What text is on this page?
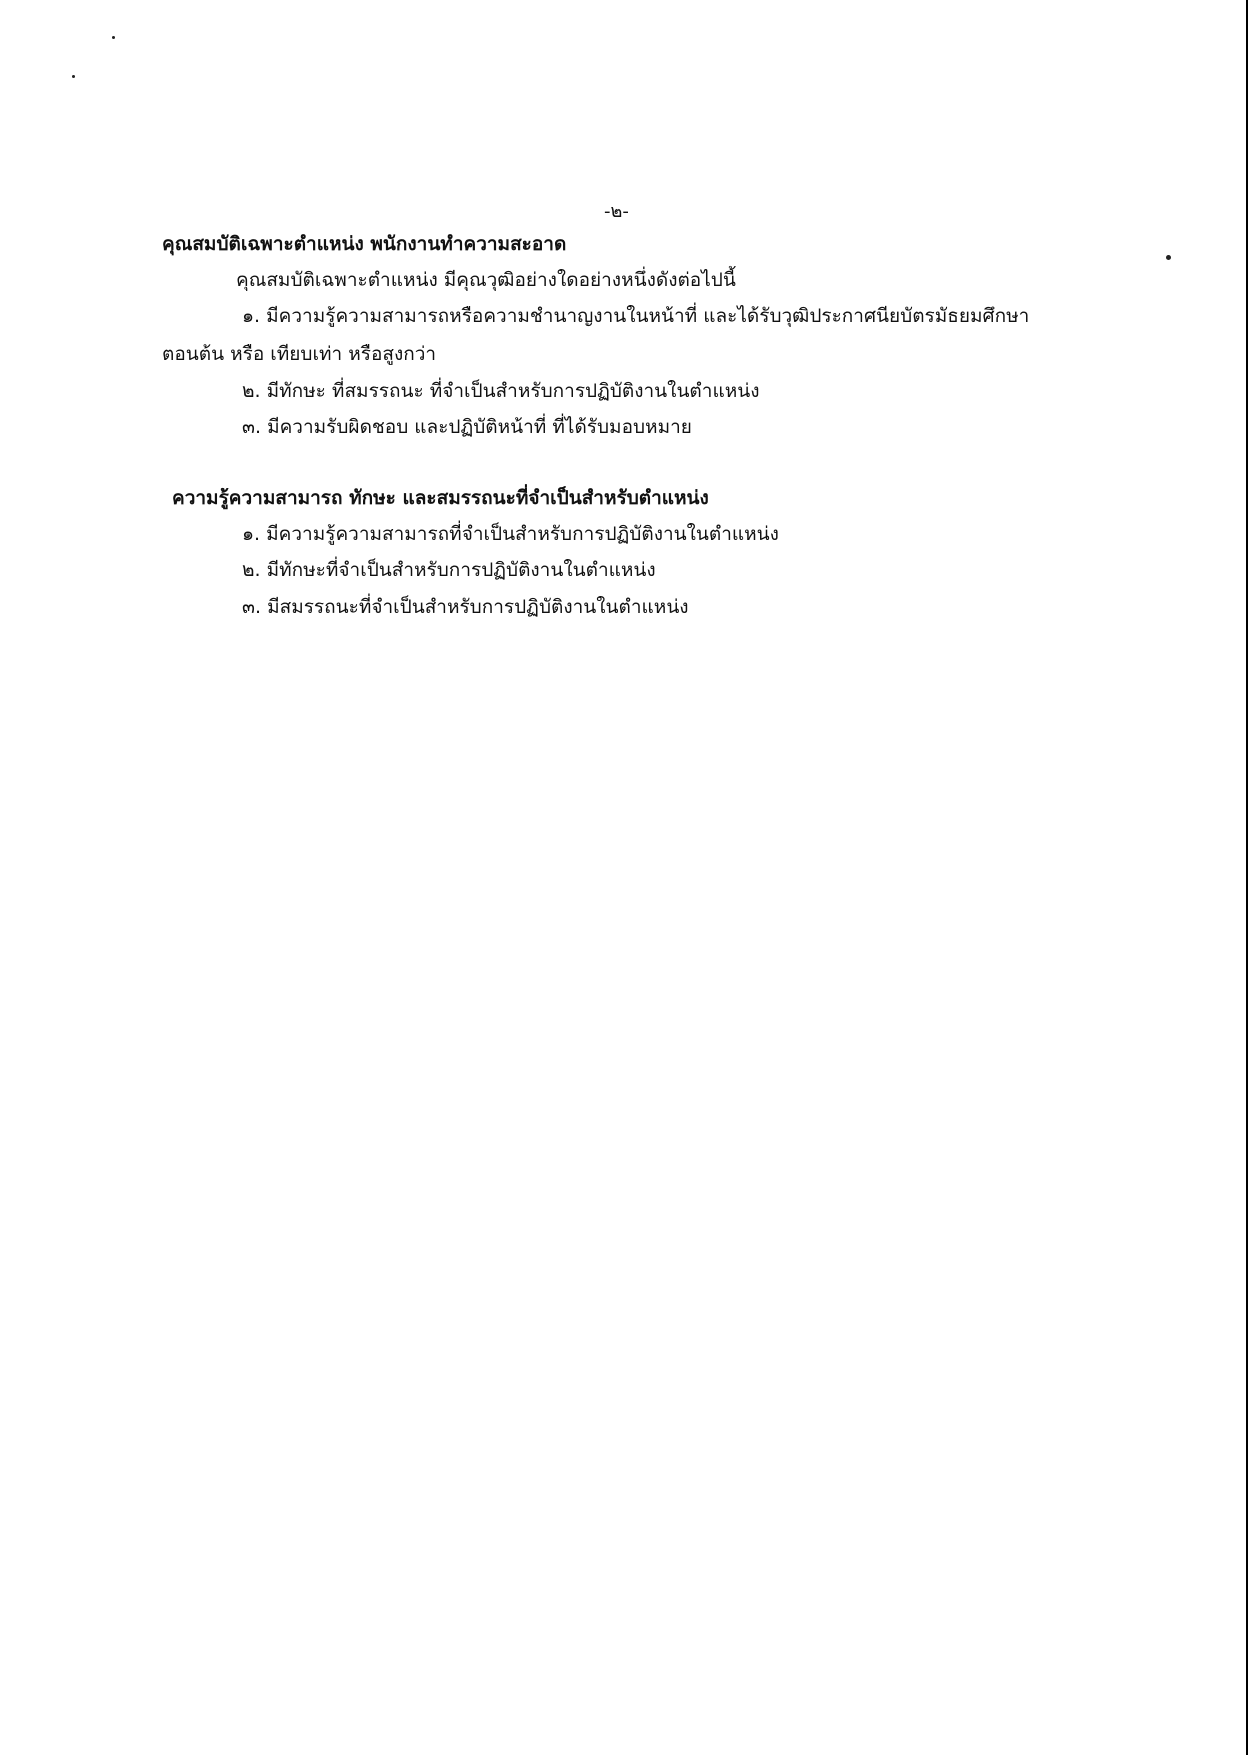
-๒-
คุณสมบัติเฉพาะตำแหน่ง พนักงานทำความสะอาด
คุณสมบัติเฉพาะตำแหน่ง มีคุณวุฒิอย่างใดอย่างหนึ่งดังต่อไปนี้
๑. มีความรู้ความสามารถหรือความชำนาญงานในหน้าที่ และได้รับวุฒิประกาศนียบัตรมัธยมศึกษา
ตอนต้น หรือ เทียบเท่า หรือสูงกว่า
๒. มีทักษะ ที่สมรรถนะ ที่จำเป็นสำหรับการปฏิบัติงานในตำแหน่ง
๓. มีความรับผิดชอบ และปฏิบัติหน้าที่ ที่ได้รับมอบหมาย
ความรู้ความสามารถ ทักษะ และสมรรถนะที่จำเป็นสำหรับตำแหน่ง
๑. มีความรู้ความสามารถที่จำเป็นสำหรับการปฏิบัติงานในตำแหน่ง
๒. มีทักษะที่จำเป็นสำหรับการปฏิบัติงานในตำแหน่ง
๓. มีสมรรถนะที่จำเป็นสำหรับการปฏิบัติงานในตำแหน่ง
